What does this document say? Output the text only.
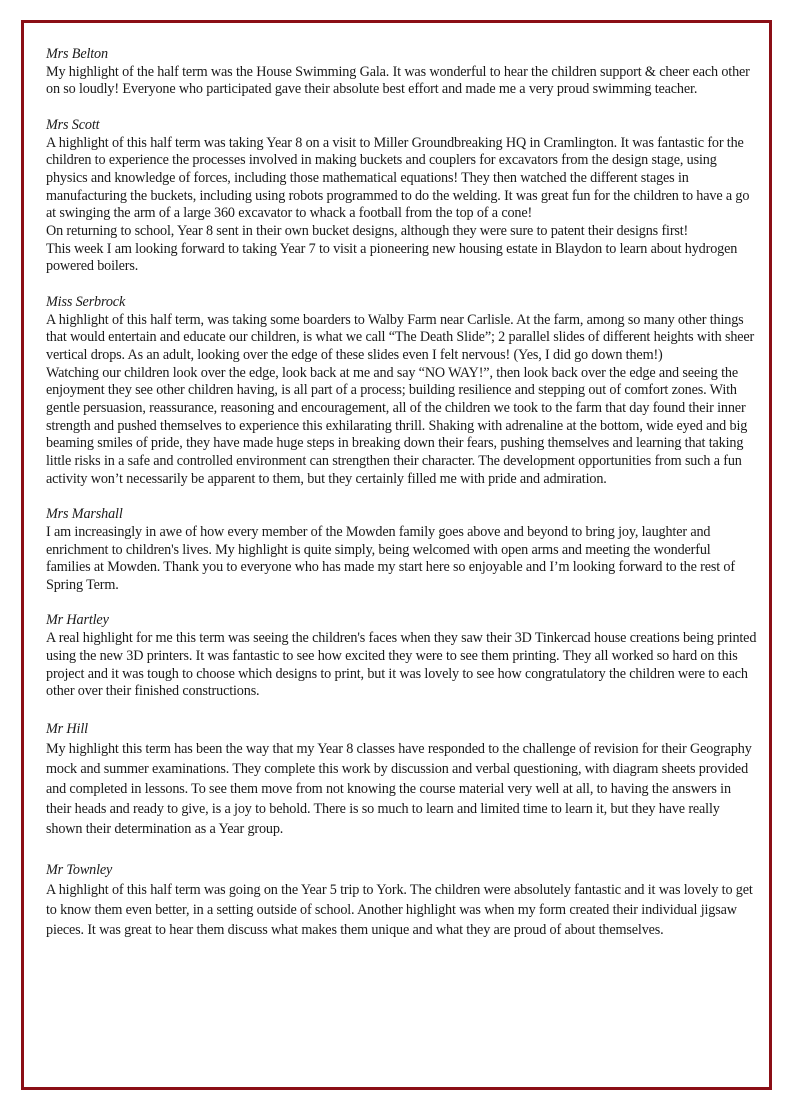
Mrs Belton

My highlight of the half term was the House Swimming Gala. It was wonderful to hear the children support & cheer each other on so loudly! Everyone who participated gave their absolute best effort and made me a very proud swimming teacher.

Mrs Scott

A highlight of this half term was taking Year 8 on a visit to Miller Groundbreaking HQ in Cramlington. It was fantastic for the children to experience the processes involved in making buckets and couplers for excavators from the design stage, using physics and knowledge of forces, including those mathematical equations! They then watched the different stages in manufacturing the buckets, including using robots programmed to do the welding. It was great fun for the children to have a go at swinging the arm of a large 360 excavator to whack a football from the top of a cone!

On returning to school, Year 8 sent in their own bucket designs, although they were sure to patent their designs first!

This week I am looking forward to taking Year 7 to visit a pioneering new housing estate in Blaydon to learn about hydrogen powered boilers.

Miss Serbrock

A highlight of this half term, was taking some boarders to Walby Farm near Carlisle. At the farm, among so many other things that would entertain and educate our children, is what we call “The Death Slide”; 2 parallel slides of different heights with sheer vertical drops. As an adult, looking over the edge of these slides even I felt nervous! (Yes, I did go down them!)

Watching our children look over the edge, look back at me and say “NO WAY!”, then look back over the edge and seeing the enjoyment they see other children having, is all part of a process; building resilience and stepping out of comfort zones. With gentle persuasion, reassurance, reasoning and encouragement, all of the children we took to the farm that day found their inner strength and pushed themselves to experience this exhilarating thrill. Shaking with adrenaline at the bottom, wide eyed and big beaming smiles of pride, they have made huge steps in breaking down their fears, pushing themselves and learning that taking little risks in a safe and controlled environment can strengthen their character. The development opportunities from such a fun activity won’t necessarily be apparent to them, but they certainly filled me with pride and admiration.

Mrs Marshall

I am increasingly in awe of how every member of the Mowden family goes above and beyond to bring joy, laughter and enrichment to children's lives. My highlight is quite simply, being welcomed with open arms and meeting the wonderful families at Mowden. Thank you to everyone who has made my start here so enjoyable and I’m looking forward to the rest of Spring Term.

Mr Hartley

A real highlight for me this term was seeing the children's faces when they saw their 3D Tinkercad house creations being printed using the new 3D printers. It was fantastic to see how excited they were to see them printing. They all worked so hard on this project and it was tough to choose which designs to print, but it was lovely to see how congratulatory the children were to each other over their finished constructions.

Mr Hill

My highlight this term has been the way that my Year 8 classes have responded to the challenge of revision for their Geography mock and summer examinations. They complete this work by discussion and verbal questioning, with diagram sheets provided and completed in lessons. To see them move from not knowing the course material very well at all, to having the answers in their heads and ready to give, is a joy to behold. There is so much to learn and limited time to learn it, but they have really shown their determination as a Year group.

Mr Townley

A highlight of this half term was going on the Year 5 trip to York. The children were absolutely fantastic and it was lovely to get to know them even better, in a setting outside of school. Another highlight was when my form created their individual jigsaw pieces. It was great to hear them discuss what makes them unique and what they are proud of about themselves.
